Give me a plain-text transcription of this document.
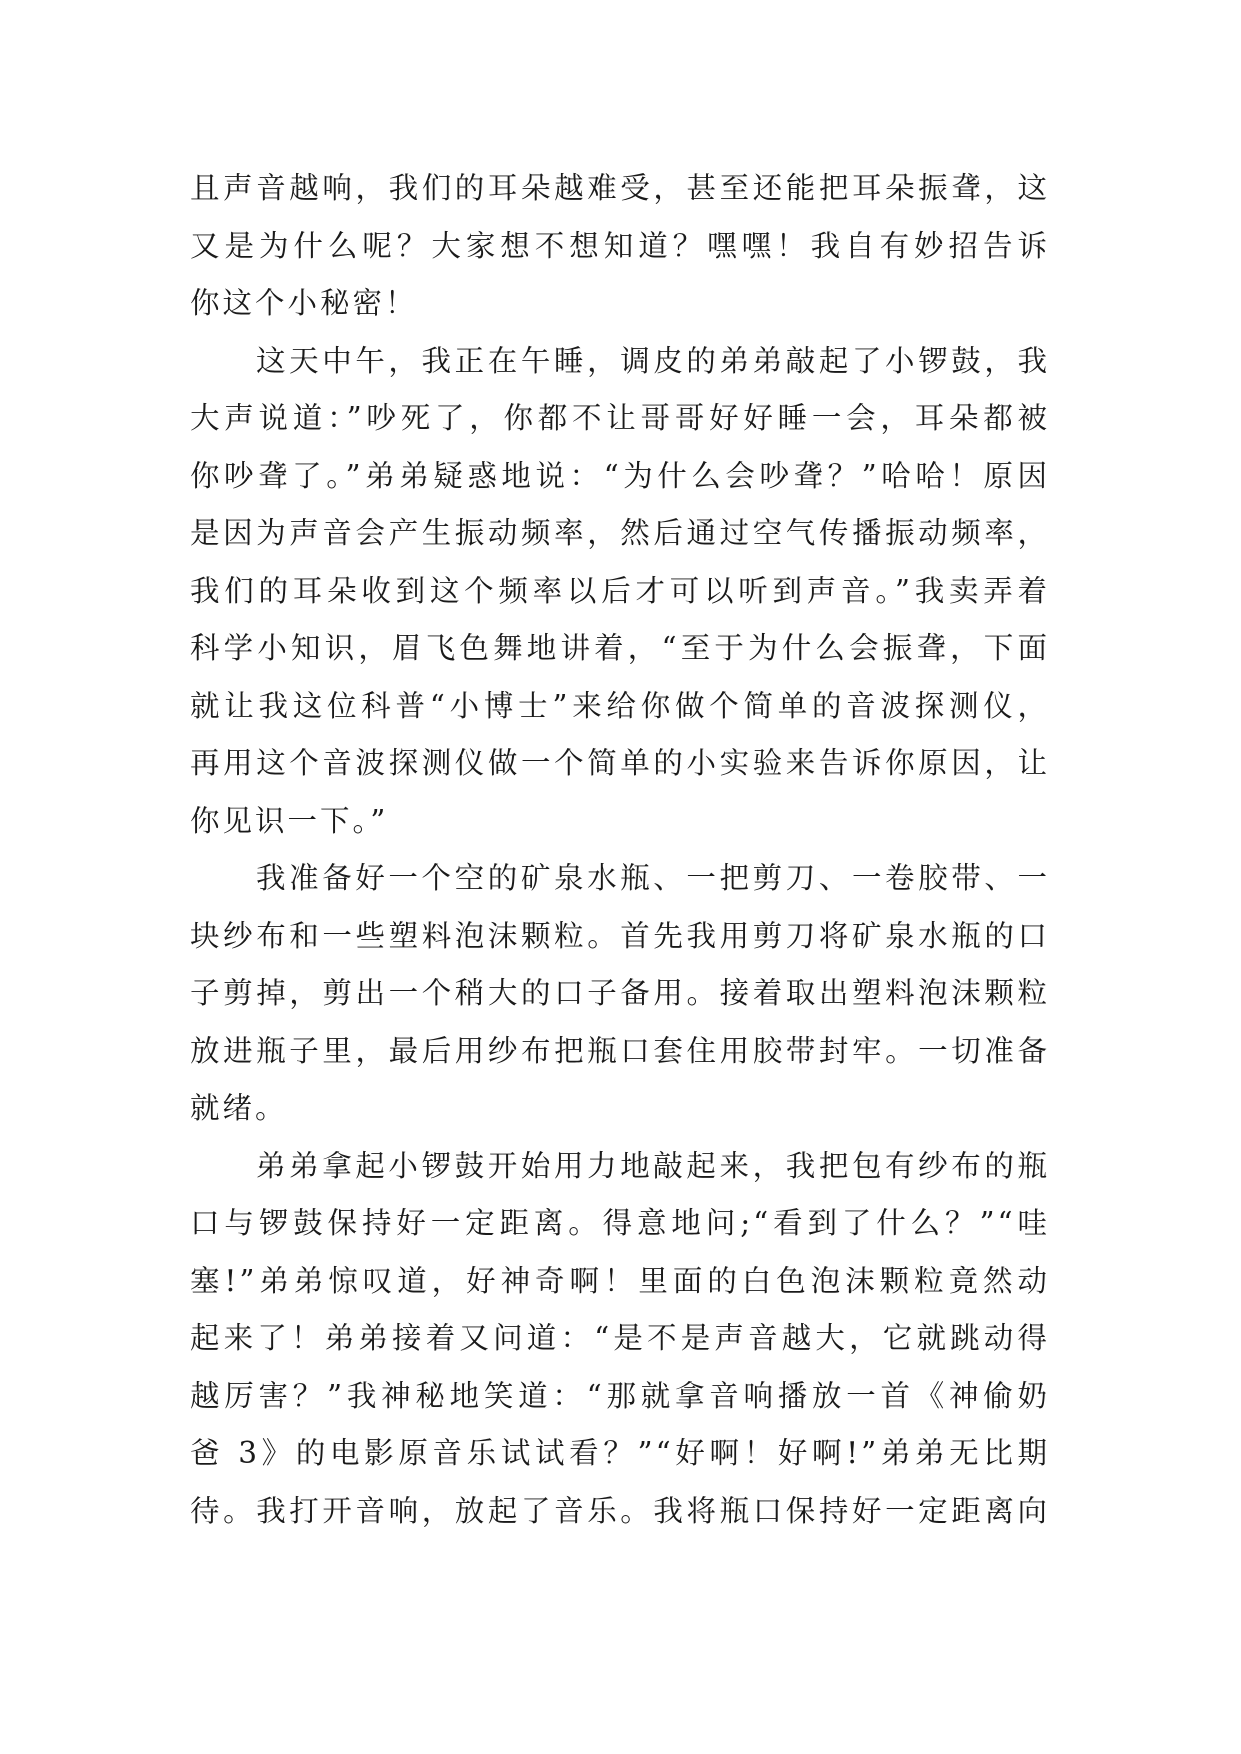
且声音越响，我们的耳朵越难受，甚至还能把耳朵振聋，这
又是为什么呢？大家想不想知道？嘿嘿！我自有妙招告诉
你这个小秘密！
这天中午，我正在午睡，调皮的弟弟敲起了小锣鼓，我
大声说道：”吵死了，你都不让哥哥好好睡一会，耳朵都被
你吵聋了。”弟弟疑惑地说：“为什么会吵聋？”哈哈！原因
是因为声音会产生振动频率，然后通过空气传播振动频率，
我们的耳朵收到这个频率以后才可以听到声音。”我卖弄着
科学小知识，眉飞色舞地讲着，“至于为什么会振聋，下面
就让我这位科普“小博士”来给你做个简单的音波探测仪，
再用这个音波探测仪做一个简单的小实验来告诉你原因，让
你见识一下。”
我准备好一个空的矿泉水瓶、一把剪刀、一卷胶带、一
块纱布和一些塑料泡沫颗粒。首先我用剪刀将矿泉水瓶的口
子剪掉，剪出一个稍大的口子备用。接着取出塑料泡沫颗粒
放进瓶子里，最后用纱布把瓶口套住用胶带封牢。一切准备
就绪。
弟弟拿起小锣鼓开始用力地敲起来，我把包有纱布的瓶
口与锣鼓保持好一定距离。得意地问;“看到了什么？”“哇
塞!”弟弟惊叹道，好神奇啊！里面的白色泡沫颗粒竟然动
起来了！弟弟接着又问道：“是不是声音越大，它就跳动得
越厉害？”我神秘地笑道：“那就拿音响播放一首《神偷奶
爸 3》的电影原音乐试试看？”“好啊！好啊!”弟弟无比期
待。我打开音响，放起了音乐。我将瓶口保持好一定距离向
